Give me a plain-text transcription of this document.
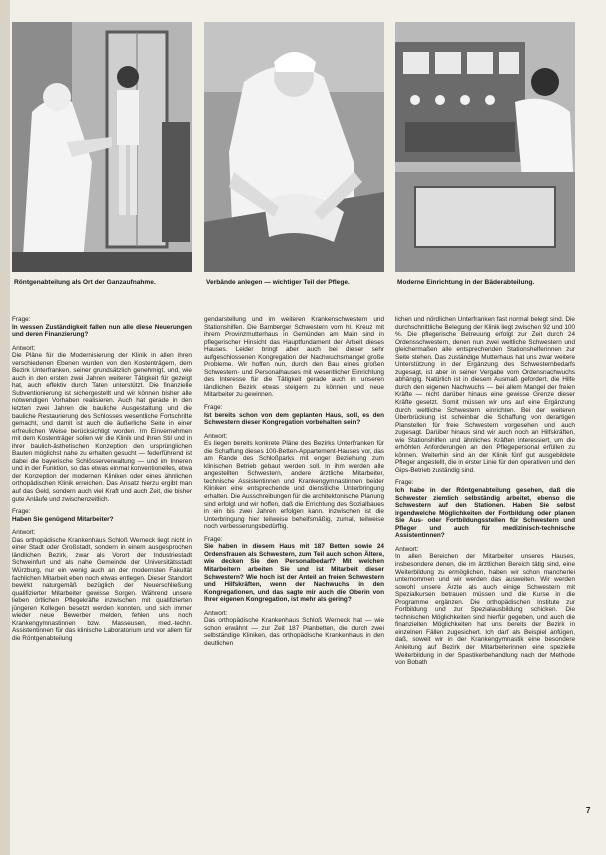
Röntgenabteilung als Ort der Ganzaufnahme.	Verbände anlegen — wichtiger Teil der Pflege.	Moderne Einrichtung in der Bäderabteilung.

Frage:

In wessen Zuständigkeit fallen nun alle diese Neuerungen und deren Finanzierung?

Antwort:

Die Pläne für die Modernisierung der Klinik in allen ihren verschiedenen Ebenen wurden von den Kostenträgern, dem Bezirk Unterfranken, seiner grundsätzlich genehmigt, und, wie auch in den ersten zwei Jahren weiterer Tätigkeit für gezeigt hat, auch effektiv durch Taten unterstützt. Die finanzielle Subventionierung ist sichergestellt und wir können bisher alle notwendigen Vorhaben realisieren. Auch hat gerade in den letzten zwei Jahren die bauliche Ausgestaltung und die bauliche Restaurierung des Schlosses wesentliche Fortschritte gemacht, und damit ist auch die äußerliche Seite in einer erfreulichen Weise berücksichtigt worden. Im Einvernehmen mit dem Kostenträger sollen wir die Klinik und ihren Stil und in ihrer baulich-ästhetischen Konzeption den ursprünglichen Bauten möglichst nahe zu erhalten gesucht — federführend ist dabei die bayerische Schlösserverwaltung — und im Inneren und in der Funktion, so das etwas einmal konventionelles, etwa der Konzeption der modernen Kliniken oder eines ähnlichen orthopädischen Klinik erreichen. Das Ansatz hierzu ergibt man auf das Geld, sondern auch viel Kraft und auch Zeit, die bisher gute Anläufe und zwischenzeitlich.

Frage:

Haben Sie genügend Mitarbeiter?

Antwort:

Das orthopädische Krankenhaus Schloß Werneck liegt nicht in einer Stadt oder Großstadt, sondern in einem ausgesprochen ländlichen Bezirk, zwar als Vorort der Industriestadt Schweinfurt und als nahe Gemeinde der Universitätsstadt Würzburg, nur ein wenig auch an der modernsten Fakultät fachlichen Mitarbeit eben noch etwas entlegen. Dieser Standort bewirkt naturgemäß bezüglich der Neuerschließung qualifizierter Mitarbeiter gewisse Sorgen. Während unsere lieben örtlichen Pflegekräfte inzwischen mit qualifizierten jüngeren Kollegen besetzt werden konnten, und sich immer wieder neue Bewerber melden, fehlen uns noch Krankengymnastinnen bzw. Masseusen, med.-techn. Assistentinnen für das klinische Laboratorium und vor allem für die Röntgenabteilung

gendarstellung und im weiteren Krankenschwestern und Stationshilfen. Die Bamberger Schwestern vom hl. Kreuz mit ihrem Provinzmutterhaus in Gemünden am Main sind in pflegerischer Hinsicht das Hauptfundament der Arbeit dieses Hauses. Leider bringt aber auch bei dieser sehr aufgeschlossenen Kongregation der Nachwuchsmangel große Probleme. Wir hoffen nun, durch den Bau eines großen Schwestern- und Personalhauses mit wesentlicher Einrichtung des Interesse für die Tätigkeit gerade auch in unseren ländlichen Bezirk etwas steigern zu können und neue Mitarbeiter zu gewinnen.

Frage:

Ist bereits schon von dem geplanten Haus, soll, es den Schwestern dieser Kongregation vorbehalten sein?

Antwort:

Es liegen bereits konkrete Pläne des Bezirks Unterfranken für die Schaffung dieses 100-Betten-Appartement-Hauses vor, das am Rande des Schloßparks mit enger Beziehung zum klinischen Betrieb gebaut werden soll. In ihm werden alle angestellten Schwestern, andere ärztliche Mitarbeiter, technische Assistentinnen und Krankengymnastinnen beider Kliniken eine entsprechende und dienstliche Unterbringung erhalten. Die Ausschreibungen für die architektonische Planung sind erfolgt und wir hoffen, daß die Errichtung des Sozialbaues in ein bis zwei Jahren erfolgen kann. Inzwischen ist die Unterbringung hier teilweise behelfsmäßig, zumal, teilweise noch verbesserungsbedürftig.

Frage:

Sie haben in diesem Haus mit 187 Betten sowie 24 Ordensfrauen als Schwestern, zum Teil auch schon Ältere, wie decken Sie den Personalbedarf? Mit welchen Mitarbeitern arbeiten Sie und ist Mitarbeit dieser Schwestern? Wie hoch ist der Anteil an freien Schwestern und Hilfskräften, wenn der Nachwuchs in den Kongregationen, und das sagte mir auch die Oberin von Ihrer eigenen Kongregation, ist mehr als gering?

Antwort:

Das orthopädische Krankenhaus Schloß Werneck hat — wie schon erwähnt — zur Zeit 187 Planbetten, die durch zwei selbständige Kliniken, das orthopädische Krankenhaus in den deutlichen

lichen und nördlichen Unterfranken fast normal belegt sind. Die durchschnittliche Belegung der Klinik liegt zwischen 92 und 100 %. Die pflegerische Betreuung erfolgt zur Zeit durch 24 Ordensschwestern, denen nun zwei weltliche Schwestern und gleichermaßen alle entsprechenden Stationshelferinnen zur Seite stehen. Das zuständige Mutterhaus hat uns zwar weitere Unterstützung in der Ergänzung des Schwesternbedarfs zugesagt, ist aber in seiner Vergabe vom Ordensnachwuchs abhängig. Natürlich ist in diesem Ausmaß gefordert, die Hilfe durch den eigenen Nachwuchs — bei allem Mangel der freien Kräfte — nicht darüber hinaus eine gewisse Grenze dieser Kräfte gesetzt. Somit müssen wir uns auf eine Ergänzung durch weltliche Schwestern einrichten. Bei der weiteren Überbrückung ist scheinbar die Schaffung von derartigen Planstellen für freie Schwestern vorgesehen und auch zugesagt. Darüber hinaus sind wir auch noch an Hilfskräften, wie Stationshilfen und ähnliches Kräften interessiert, um die erhöhten Anforderungen an den Pflegepersonal erfüllen zu können. Weiterhin sind an der Klinik fünf gut ausgebildete Pfleger angestellt, die in erster Linie für den operativen und den Gips-Betrieb zuständig sind.

Frage:

Ich habe in der Röntgenabteilung gesehen, daß die Schwester ziemlich selbständig arbeitet, ebenso die Schwestern auf den Stationen. Haben Sie selbst irgendwelche Möglichkeiten der Fortbildung oder planen Sie Aus- oder Fortbildungsstellen für Schwestern und Pfleger und auch für medizinisch-technische Assistentinnen?

Antwort:

In allen Bereichen der Mitarbeiter unseres Hauses, insbesondere denen, die im ärztlichen Bereich tätig sind, eine Weiterbildung zu ermöglichen, haben wir schon mancherlei unternommen und wir werden das ausweiten. Wir werden sowohl unsere Ärzte als auch einige Schwestern mit Spezialkursen betrauen müssen und die Kurse in die Programme ergänzen. Die orthopädischen Institute zur Fortbildung und zur Spezialausbildung schicken. Die technischen Möglichkeiten sind hierfür gegeben, und auch die finanziellen Möglichkeiten hat uns bereits der Bezirk in einzelnen Fällen zugesichert. Ich darf als Beispiel anfügen, daß, soweit wir in der Krankengymnastik eine besondere Anleitung auf Bezirk der Mitarbeiterinnen eine spezielle Weiterbildung in der Spastikerbehandlung nach der Methode von Bobath

7
